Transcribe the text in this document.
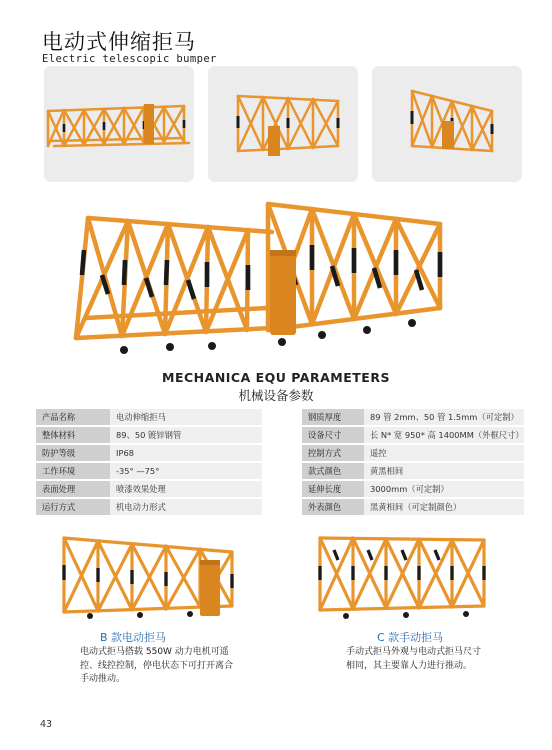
电动式伸缩拒马
Electric telescopic bumper
MECHANICA EQU PARAMETERS
机械设备参数
产品名称	电动伸缩拒马
整体材料	89、50 镀锌钢管
防护等级	IP68
工作环境	-35° —75°
表面处理	喷漆效果处理
运行方式	机电动力形式
钢质厚度	89 管 2mm、50 管 1.5mm（可定制）
设备尺寸	长 N* 宽 950* 高 1400MM（外框尺寸）
控制方式	遥控
款式颜色	黄黑相间
延伸长度	3000mm（可定制）
外表颜色	黑黄相间（可定制颜色）
B 款电动拒马	C 款手动拒马
电动式拒马搭载 550W 动力电机可遥控、线控控制，停电状态下可打开离合手动推动。
手动式拒马外观与电动式拒马尺寸相同，其主要靠人力进行推动。
43
